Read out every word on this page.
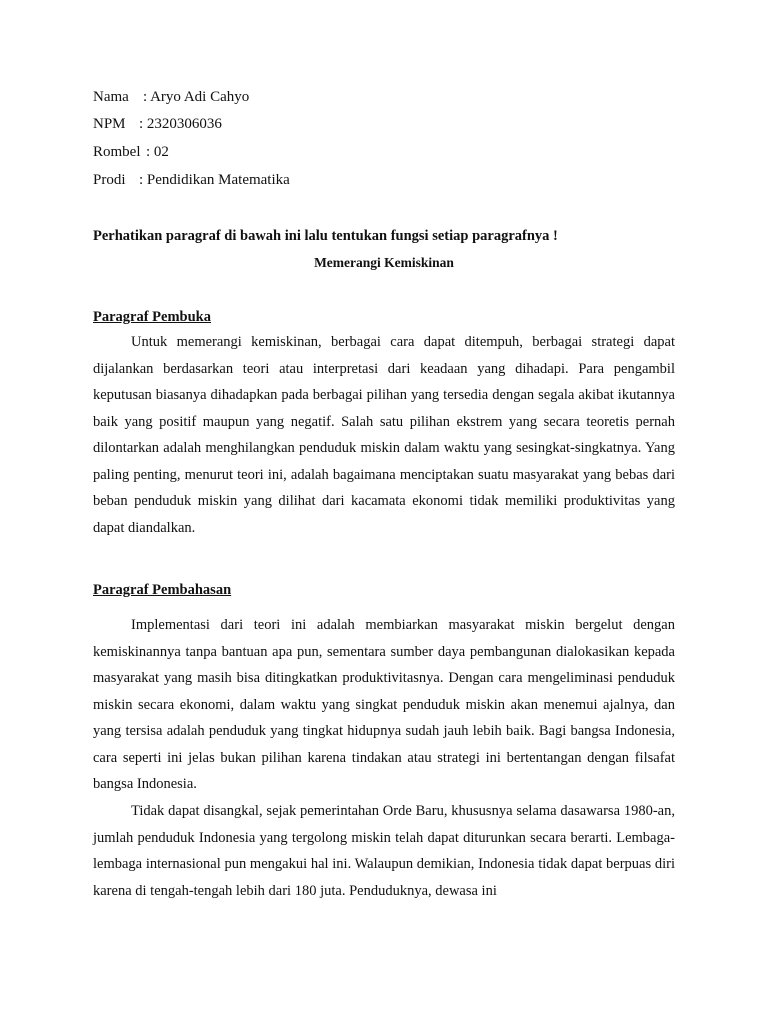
Nama : Aryo Adi Cahyo
NPM : 2320306036
Rombel : 02
Prodi : Pendidikan Matematika
Perhatikan paragraf di bawah ini lalu tentukan fungsi setiap paragrafnya !
Memerangi Kemiskinan
Paragraf Pembuka

Untuk memerangi kemiskinan, berbagai cara dapat ditempuh, berbagai strategi dapat dijalankan berdasarkan teori atau interpretasi dari keadaan yang dihadapi. Para pengambil keputusan biasanya dihadapkan pada berbagai pilihan yang tersedia dengan segala akibat ikutannya baik yang positif maupun yang negatif. Salah satu pilihan ekstrem yang secara teoretis pernah dilontarkan adalah menghilangkan penduduk miskin dalam waktu yang sesingkat-singkatnya. Yang paling penting, menurut teori ini, adalah bagaimana menciptakan suatu masyarakat yang bebas dari beban penduduk miskin yang dilihat dari kacamata ekonomi tidak memiliki produktivitas yang dapat diandalkan.

Paragraf Pembahasan

Implementasi dari teori ini adalah membiarkan masyarakat miskin bergelut dengan kemiskinannya tanpa bantuan apa pun, sementara sumber daya pembangunan dialokasikan kepada masyarakat yang masih bisa ditingkatkan produktivitasnya. Dengan cara mengeliminasi penduduk miskin secara ekonomi, dalam waktu yang singkat penduduk miskin akan menemui ajalnya, dan yang tersisa adalah penduduk yang tingkat hidupnya sudah jauh lebih baik. Bagi bangsa Indonesia, cara seperti ini jelas bukan pilihan karena tindakan atau strategi ini bertentangan dengan filsafat bangsa Indonesia.

Tidak dapat disangkal, sejak pemerintahan Orde Baru, khususnya selama dasawarsa 1980-an, jumlah penduduk Indonesia yang tergolong miskin telah dapat diturunkan secara berarti. Lembaga-lembaga internasional pun mengakui hal ini. Walaupun demikian, Indonesia tidak dapat berpuas diri karena di tengah-tengah lebih dari 180 juta. Penduduknya, dewasa ini
